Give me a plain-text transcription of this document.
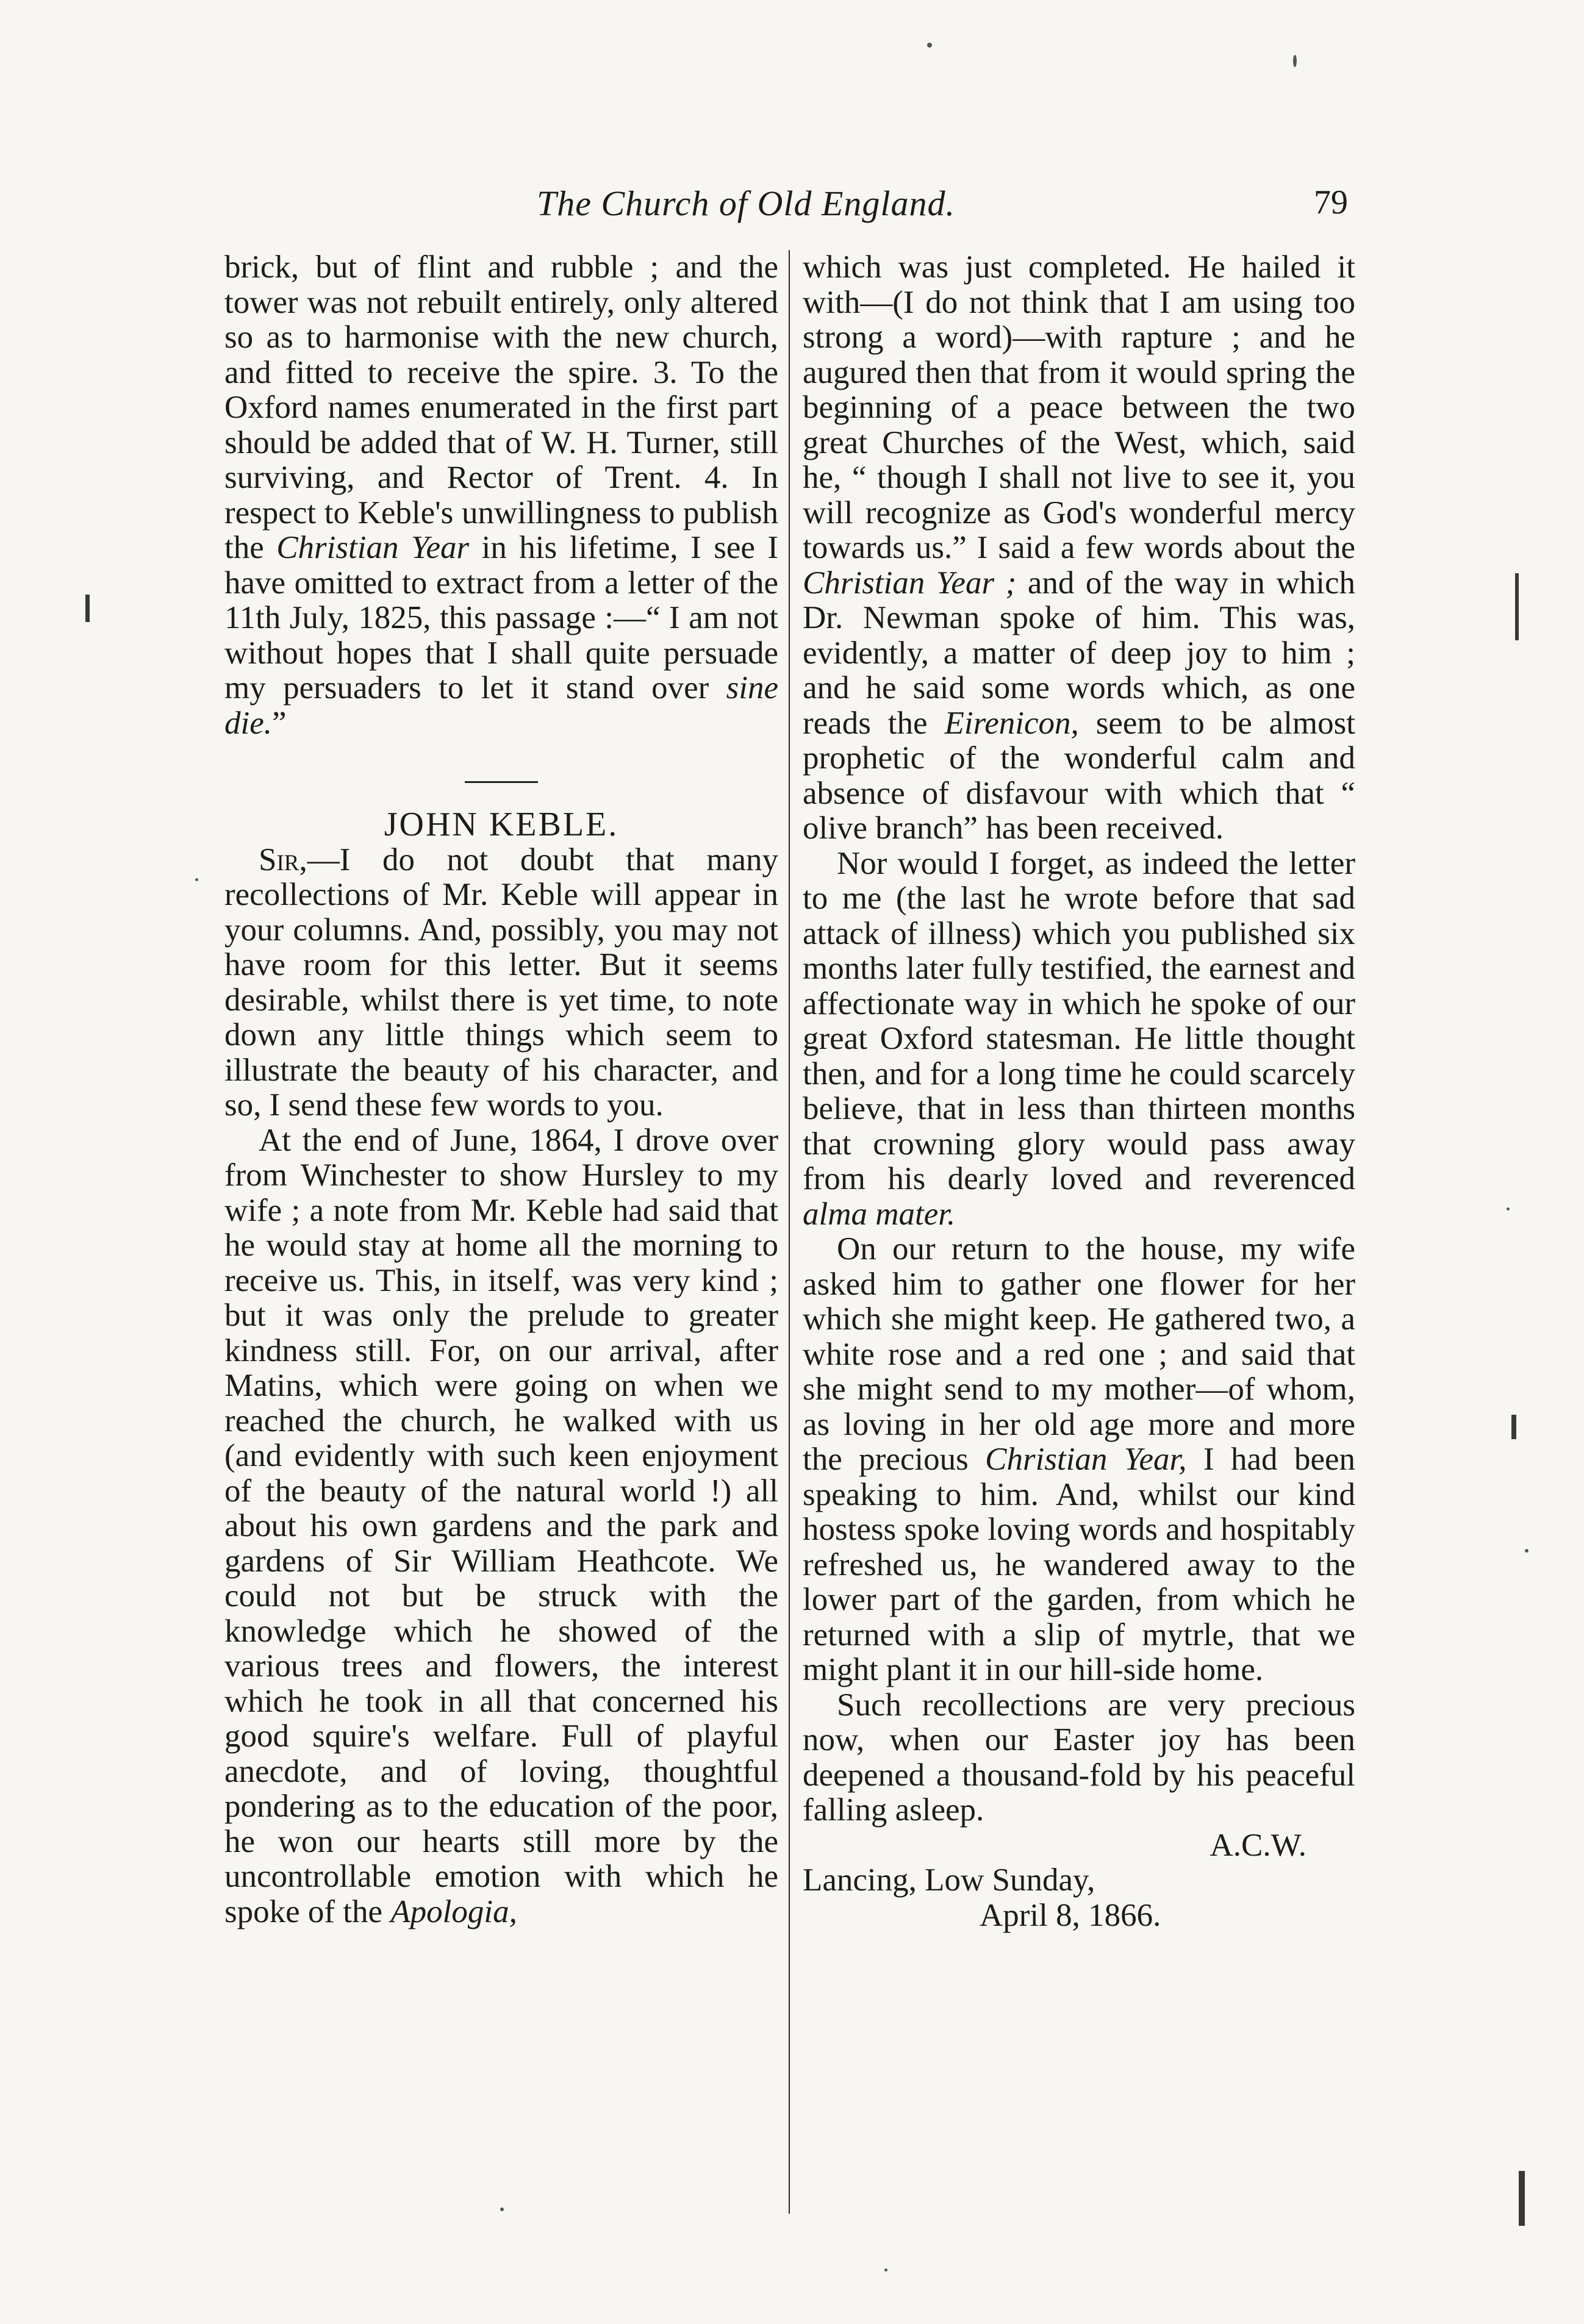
The Church of Old England.	79

brick, but of flint and rubble ; and the tower was not rebuilt entirely, only altered so as to harmonise with the new church, and fitted to receive the spire. 3. To the Oxford names enumerated in the first part should be added that of W. H. Turner, still surviving, and Rector of Trent. 4. In respect to Keble's unwillingness to publish the Christian Year in his lifetime, I see I have omitted to extract from a letter of the 11th July, 1825, this passage :—“ I am not without hopes that I shall quite persuade my persuaders to let it stand over sine die.”

JOHN KEBLE.

Sir,—I do not doubt that many recollections of Mr. Keble will appear in your columns. And, possibly, you may not have room for this letter. But it seems desirable, whilst there is yet time, to note down any little things which seem to illustrate the beauty of his character, and so, I send these few words to you.

At the end of June, 1864, I drove over from Winchester to show Hursley to my wife ; a note from Mr. Keble had said that he would stay at home all the morning to receive us. This, in itself, was very kind ; but it was only the prelude to greater kindness still. For, on our arrival, after Matins, which were going on when we reached the church, he walked with us (and evidently with such keen enjoyment of the beauty of the natural world !) all about his own gardens and the park and gardens of Sir William Heathcote. We could not but be struck with the knowledge which he showed of the various trees and flowers, the interest which he took in all that concerned his good squire's welfare. Full of playful anecdote, and of loving, thoughtful pondering as to the education of the poor, he won our hearts still more by the uncontrollable emotion with which he spoke of the Apologia,

which was just completed. He hailed it with—(I do not think that I am using too strong a word)—with rapture ; and he augured then that from it would spring the beginning of a peace between the two great Churches of the West, which, said he, “ though I shall not live to see it, you will recognize as God's wonderful mercy towards us.” I said a few words about the Christian Year ; and of the way in which Dr. Newman spoke of him. This was, evidently, a matter of deep joy to him ; and he said some words which, as one reads the Eirenicon, seem to be almost prophetic of the wonderful calm and absence of disfavour with which that “ olive branch” has been received.

Nor would I forget, as indeed the letter to me (the last he wrote before that sad attack of illness) which you published six months later fully testified, the earnest and affectionate way in which he spoke of our great Oxford statesman. He little thought then, and for a long time he could scarcely believe, that in less than thirteen months that crowning glory would pass away from his dearly loved and reverenced alma mater.

On our return to the house, my wife asked him to gather one flower for her which she might keep. He gathered two, a white rose and a red one ; and said that she might send to my mother—of whom, as loving in her old age more and more the precious Christian Year, I had been speaking to him. And, whilst our kind hostess spoke loving words and hospitably refreshed us, he wandered away to the lower part of the garden, from which he returned with a slip of mytrle, that we might plant it in our hill-side home.

Such recollections are very precious now, when our Easter joy has been deepened a thousand-fold by his peaceful falling asleep.

A.C.W.

Lancing, Low Sunday,

April 8, 1866.
